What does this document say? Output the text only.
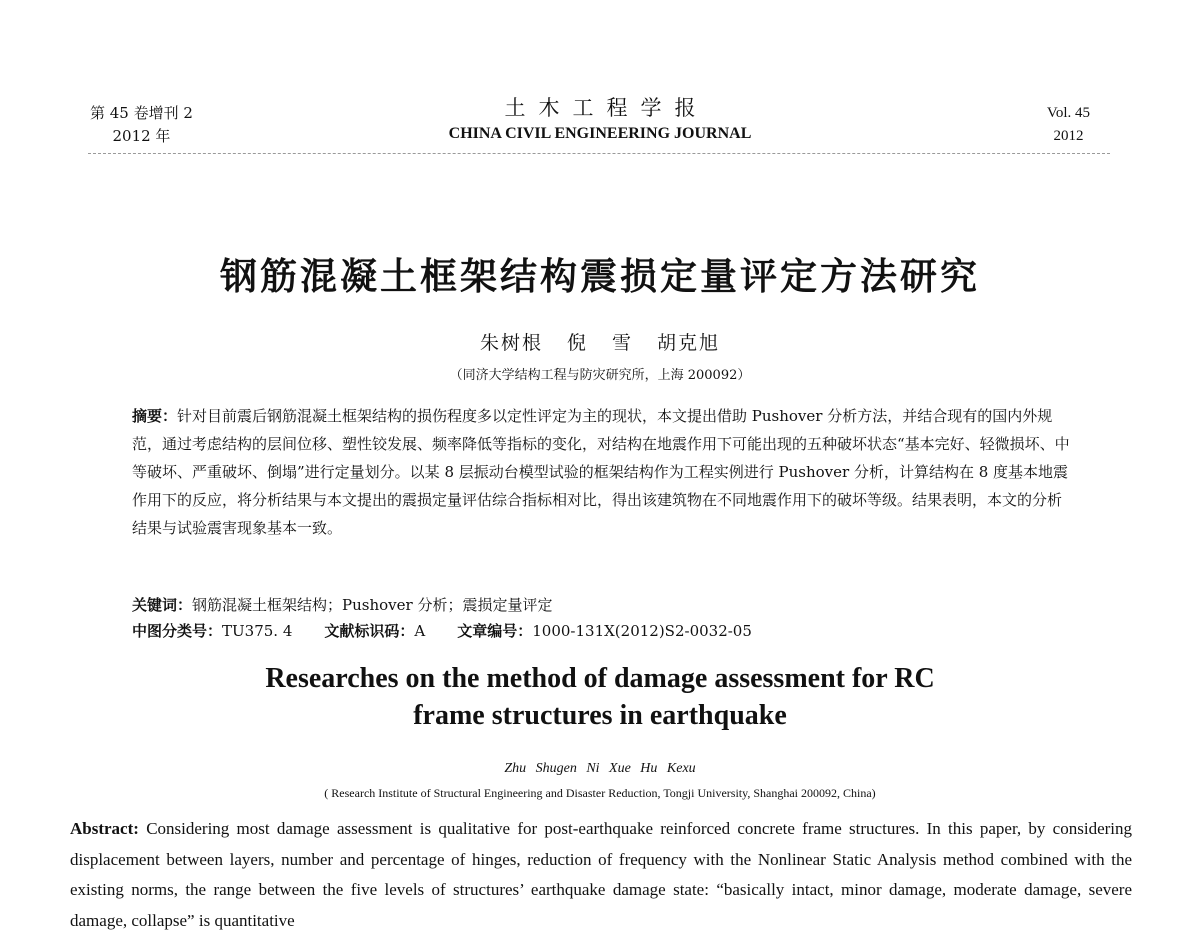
第 45 卷增刊 2
2012 年
土木工程学报
CHINA CIVIL ENGINEERING JOURNAL
Vol. 45
2012
钢筋混凝土框架结构震损定量评定方法研究
朱树根 倪 雪 胡克旭
（同济大学结构工程与防灾研究所，上海 200092）
摘要：针对目前震后钢筋混凝土框架结构的损伤程度多以定性评定为主的现状，本文提出借助 Pushover 分析方法，并结合现有的国内外规范，通过考虑结构的层间位移、塑性铰发展、频率降低等指标的变化，对结构在地震作用下可能出现的五种破坏状态“基本完好、轻微损坏、中等破坏、严重破坏、倒塌”进行定量划分。以某 8 层振动台模型试验的框架结构作为工程实例进行 Pushover 分析，计算结构在 8 度基本地震作用下的反应，将分析结果与本文提出的震损定量评估综合指标相对比，得出该建筑物在不同地震作用下的破坏等级。结果表明，本文的分析结果与试验震害现象基本一致。
关键词：钢筋混凝土框架结构；Pushover 分析；震损定量评定
中图分类号：TU375. 4 文献标识码：A 文章编号：1000-131X(2012)S2-0032-05
Researches on the method of damage assessment for RC
frame structures in earthquake
Zhu Shugen Ni Xue Hu Kexu
( Research Institute of Structural Engineering and Disaster Reduction, Tongji University, Shanghai 200092, China)
Abstract: Considering most damage assessment is qualitative for post-earthquake reinforced concrete frame structures. In this paper, by considering displacement between layers, number and percentage of hinges, reduction of frequency with the Nonlinear Static Analysis method combined with the existing norms, the range between the five levels of structures’ earthquake damage state: “basically intact, minor damage, moderate damage, severe damage, collapse” is quantitative
